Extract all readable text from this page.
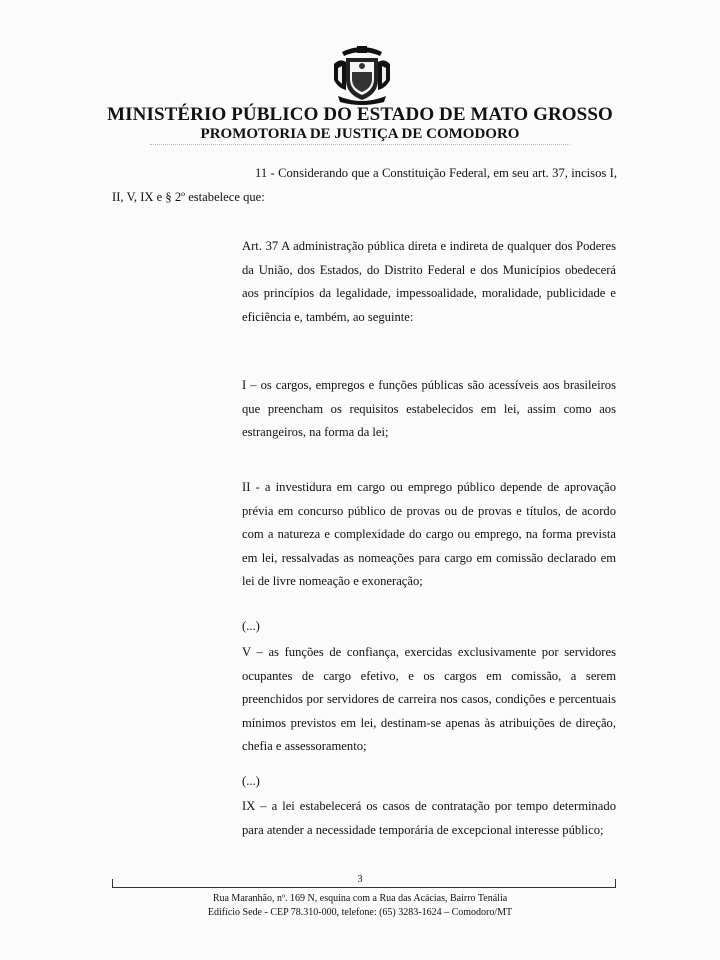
MINISTÉRIO PÚBLICO DO ESTADO DE MATO GROSSO
PROMOTORIA DE JUSTIÇA DE COMODORO

11 - Considerando que a Constituição Federal, em seu art. 37, incisos I, II, V, IX e § 2º estabelece que:

Art. 37 A administração pública direta e indireta de qualquer dos Poderes da União, dos Estados, do Distrito Federal e dos Municípios obedecerá aos princípios da legalidade, impessoalidade, moralidade, publicidade e eficiência e, também, ao seguinte:

I – os cargos, empregos e funções públicas são acessíveis aos brasileiros que preencham os requisitos estabelecidos em lei, assim como aos estrangeiros, na forma da lei;

II - a investidura em cargo ou emprego público depende de aprovação prévia em concurso público de provas ou de provas e títulos, de acordo com a natureza e complexidade do cargo ou emprego, na forma prevista em lei, ressalvadas as nomeações para cargo em comissão declarado em lei de livre nomeação e exoneração;

(...)

V – as funções de confiança, exercidas exclusivamente por servidores ocupantes de cargo efetivo, e os cargos em comissão, a serem preenchidos por servidores de carreira nos casos, condições e percentuais mínimos previstos em lei, destinam-se apenas às atribuições de direção, chefia e assessoramento;

(...)

IX – a lei estabelecerá os casos de contratação por tempo determinado para atender a necessidade temporária de excepcional interesse público;

3

Rua Maranhão, nº. 169 N, esquina com a Rua das Acácias, Bairro Tenália

Edifício Sede - CEP 78.310-000, telefone: (65) 3283-1624 – Comodoro/MT
